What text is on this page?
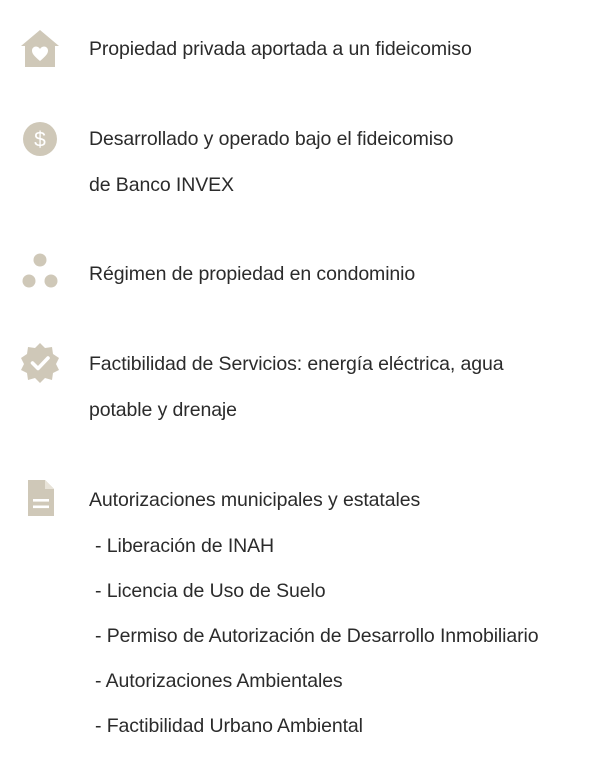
Propiedad privada aportada a un fideicomiso
$ Desarrollado y operado bajo el fideicomiso
de Banco INVEX
Régimen de propiedad en condominio
Factibilidad de Servicios: energía eléctrica, agua
potable y drenaje
Autorizaciones municipales y estatales
- Liberación de INAH
- Licencia de Uso de Suelo
- Permiso de Autorización de Desarrollo Inmobiliario
- Autorizaciones Ambientales
- Factibilidad Urbano Ambiental
